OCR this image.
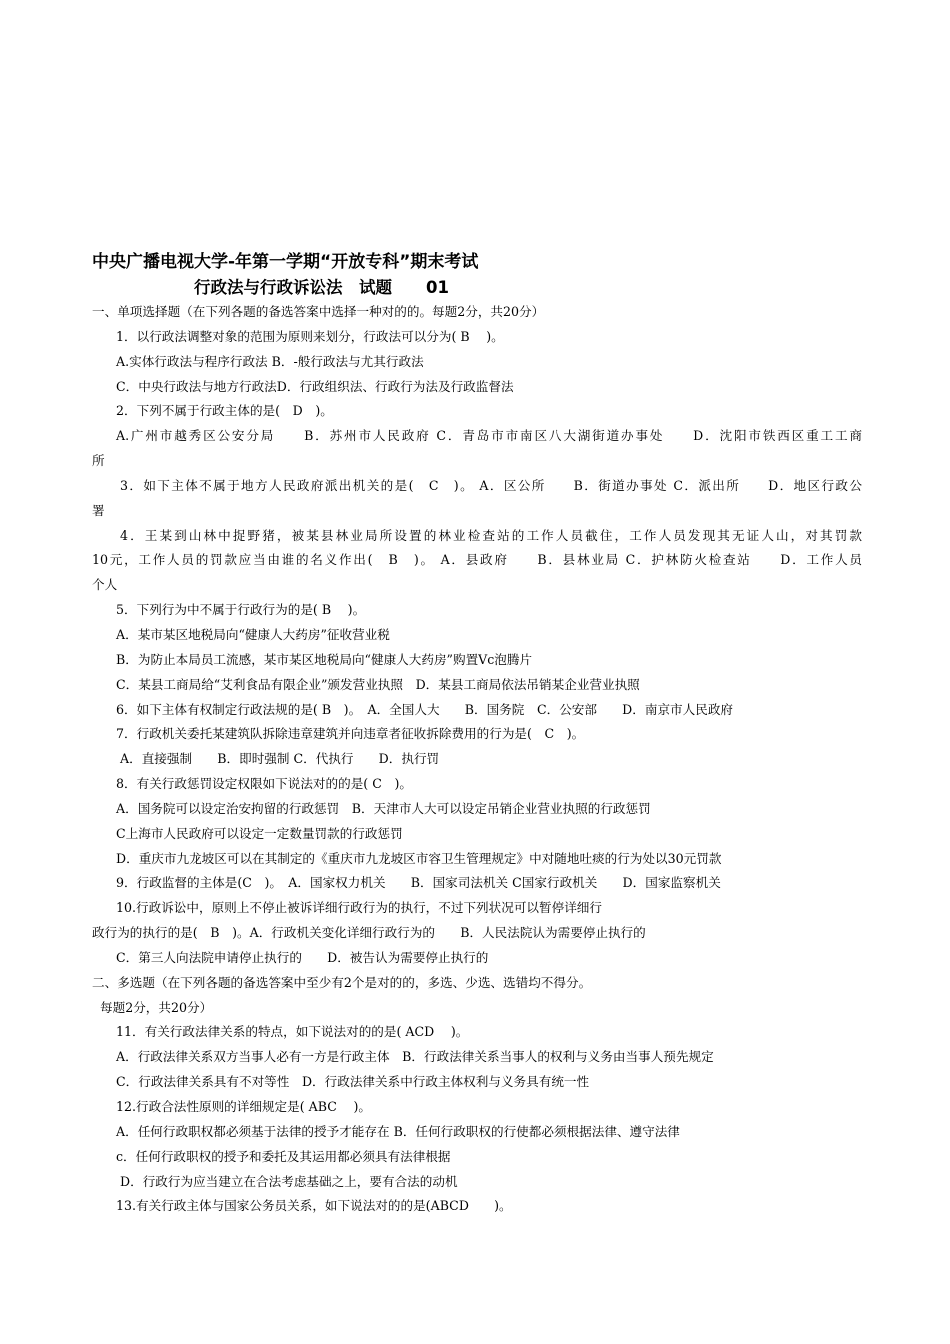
中央广播电视大学-年第一学期“开放专科”期末考试
行政法与行政诉讼法　试题 01
一、单项选择题（在下列各题的备选答案中选择一种对的的。每题2分，共20分）
1．以行政法调整对象的范围为原则来划分，行政法可以分为( B　 )。
A.实体行政法与程序行政法 B．-般行政法与尤其行政法
C．中央行政法与地方行政法D．行政组织法、行政行为法及行政监督法
2．下列不属于行政主体的是(　D　)。
A.广州市越秀区公安分局　　B．苏州市人民政府 C．青岛市市南区八大湖街道办事处　　D．沈阳市铁西区重工工商
所
3．如下主体不属于地方人民政府派出机关的是(　C　)。 A．区公所　　B．街道办事处 C．派出所　　D．地区行政公
署
4．王某到山林中捉野猪，被某县林业局所设置的林业检查站的工作人员截住，工作人员发现其无证人山，对其罚款
10元，工作人员的罚款应当由谁的名义作出(　B　)。 A．县政府　　B．县林业局 C．护林防火检查站　　D．工作人员
个人
5．下列行为中不属于行政行为的是( B　 )。
A．某市某区地税局向“健康人大药房”征收营业税
B．为防止本局员工流感，某市某区地税局向“健康人大药房”购置Vc泡腾片
C．某县工商局给“艾利食品有限企业”颁发营业执照　D．某县工商局依法吊销某企业营业执照
6．如下主体有权制定行政法规的是( B　)。　A．全国人大　　B．国务院　C．公安部　　D．南京市人民政府
7．行政机关委托某建筑队拆除违章建筑并向违章者征收拆除费用的行为是(　C　)。
A．直接强制　　B．即时强制 C．代执行　　D．执行罚
8．有关行政惩罚设定权限如下说法对的的是( C　)。
A．国务院可以设定治安拘留的行政惩罚　B．天津市人大可以设定吊销企业营业执照的行政惩罚
C上海市人民政府可以设定一定数量罚款的行政惩罚
D．重庆市九龙坡区可以在其制定的《重庆市九龙坡区市容卫生管理规定》中对随地吐痰的行为处以30元罚款
9．行政监督的主体是(C　)。　A．国家权力机关　　B．国家司法机关 C国家行政机关　　D．国家监察机关
10.行政诉讼中，原则上不停止被诉详细行政行为的执行，不过下列状况可以暂停详细行
政行为的执行的是(　B　)。A．行政机关变化详细行政行为的　　B．人民法院认为需要停止执行的
C．第三人向法院申请停止执行的　　D．被告认为需要停止执行的
二、多选题（在下列各题的备选答案中至少有2个是对的的，多选、少选、选错均不得分。
每题2分，共20分）
11．有关行政法律关系的特点，如下说法对的的是( ACD　 )。
A．行政法律关系双方当事人必有一方是行政主体　B．行政法律关系当事人的权利与义务由当事人预先规定
C．行政法律关系具有不对等性　D．行政法律关系中行政主体权利与义务具有统一性
12.行政合法性原则的详细规定是( ABC　 )。
A．任何行政职权都必须基于法律的授予才能存在 B．任何行政职权的行使都必须根据法律、遵守法律
c．任何行政职权的授予和委托及其运用都必须具有法律根据
D．行政行为应当建立在合法考虑基础之上，要有合法的动机
13.有关行政主体与国家公务员关系，如下说法对的的是(ABCD　　)。
